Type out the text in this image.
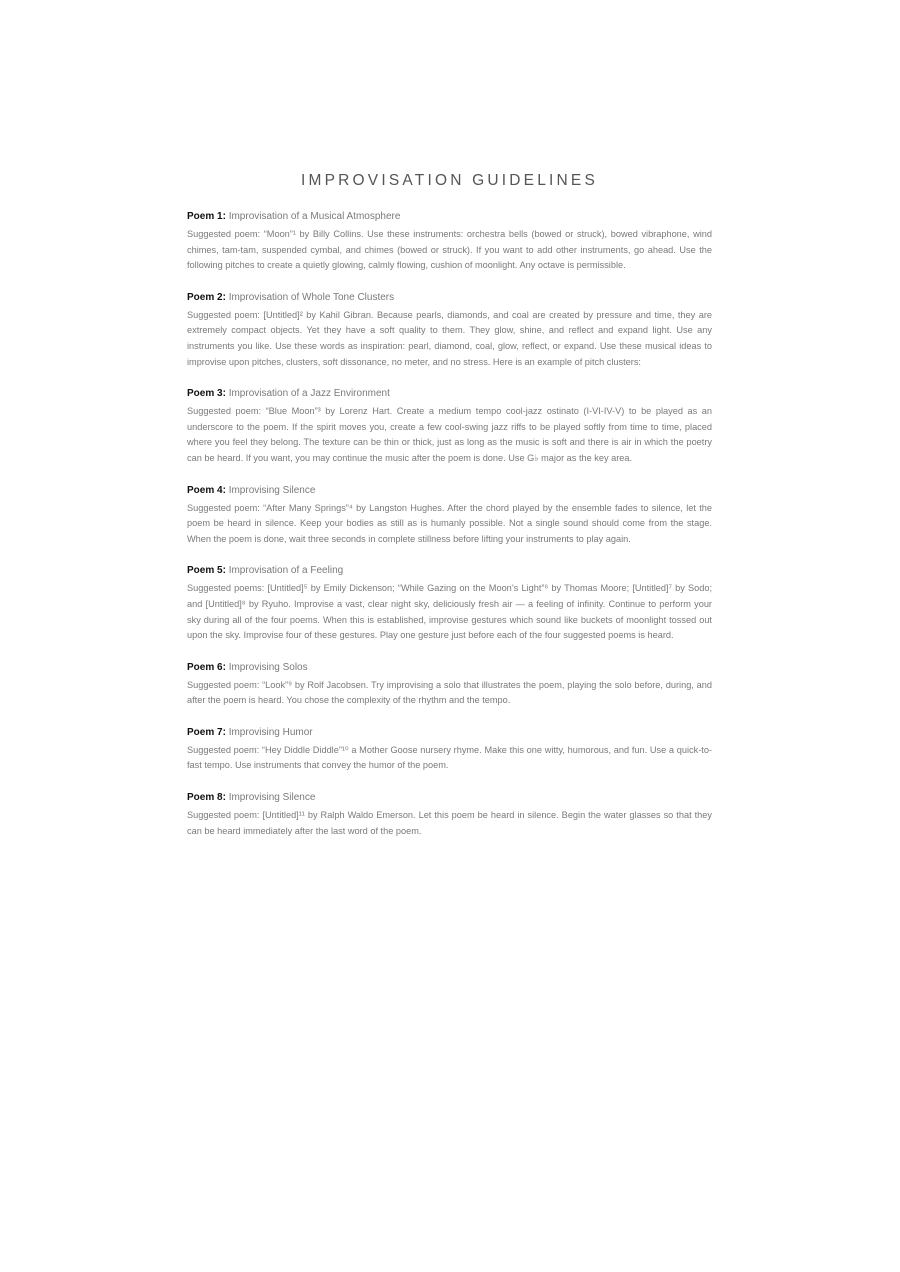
IMPROVISATION GUIDELINES

Poem 1: Improvisation of a Musical Atmosphere

Suggested poem: “Moon”¹ by Billy Collins. Use these instruments: orchestra bells (bowed or struck), bowed vibraphone, wind chimes, tam-tam, suspended cymbal, and chimes (bowed or struck). If you want to add other instruments, go ahead. Use the following pitches to create a quietly glowing, calmly flowing, cushion of moonlight. Any octave is permissible.

Poem 2: Improvisation of Whole Tone Clusters

Suggested poem: [Untitled]² by Kahil Gibran. Because pearls, diamonds, and coal are created by pressure and time, they are extremely compact objects. Yet they have a soft quality to them. They glow, shine, and reflect and expand light. Use any instruments you like. Use these words as inspiration: pearl, diamond, coal, glow, reflect, or expand. Use these musical ideas to improvise upon pitches, clusters, soft dissonance, no meter, and no stress. Here is an example of pitch clusters:

Poem 3: Improvisation of a Jazz Environment

Suggested poem: “Blue Moon”³ by Lorenz Hart. Create a medium tempo cool-jazz ostinato (I-VI-IV-V) to be played as an underscore to the poem. If the spirit moves you, create a few cool-swing jazz riffs to be played softly from time to time, placed where you feel they belong. The texture can be thin or thick, just as long as the music is soft and there is air in which the poetry can be heard. If you want, you may continue the music after the poem is done. Use G♭ major as the key area.

Poem 4: Improvising Silence

Suggested poem: “After Many Springs”⁴ by Langston Hughes. After the chord played by the ensemble fades to silence, let the poem be heard in silence. Keep your bodies as still as is humanly possible. Not a single sound should come from the stage. When the poem is done, wait three seconds in complete stillness before lifting your instruments to play again.

Poem 5: Improvisation of a Feeling

Suggested poems: [Untitled]⁵ by Emily Dickenson; “While Gazing on the Moon’s Light”⁶ by Thomas Moore; [Untitled]⁷ by Sodo; and [Untitled]⁸ by Ryuho. Improvise a vast, clear night sky, deliciously fresh air — a feeling of infinity. Continue to perform your sky during all of the four poems. When this is established, improvise gestures which sound like buckets of moonlight tossed out upon the sky. Improvise four of these gestures. Play one gesture just before each of the four suggested poems is heard.

Poem 6: Improvising Solos

Suggested poem: “Look”⁹ by Rolf Jacobsen. Try improvising a solo that illustrates the poem, playing the solo before, during, and after the poem is heard. You chose the complexity of the rhythm and the tempo.

Poem 7: Improvising Humor

Suggested poem: “Hey Diddle Diddle”¹⁰ a Mother Goose nursery rhyme. Make this one witty, humorous, and fun. Use a quick-to-fast tempo. Use instruments that convey the humor of the poem.

Poem 8: Improvising Silence

Suggested poem: [Untitled]¹¹ by Ralph Waldo Emerson. Let this poem be heard in silence. Begin the water glasses so that they can be heard immediately after the last word of the poem.
